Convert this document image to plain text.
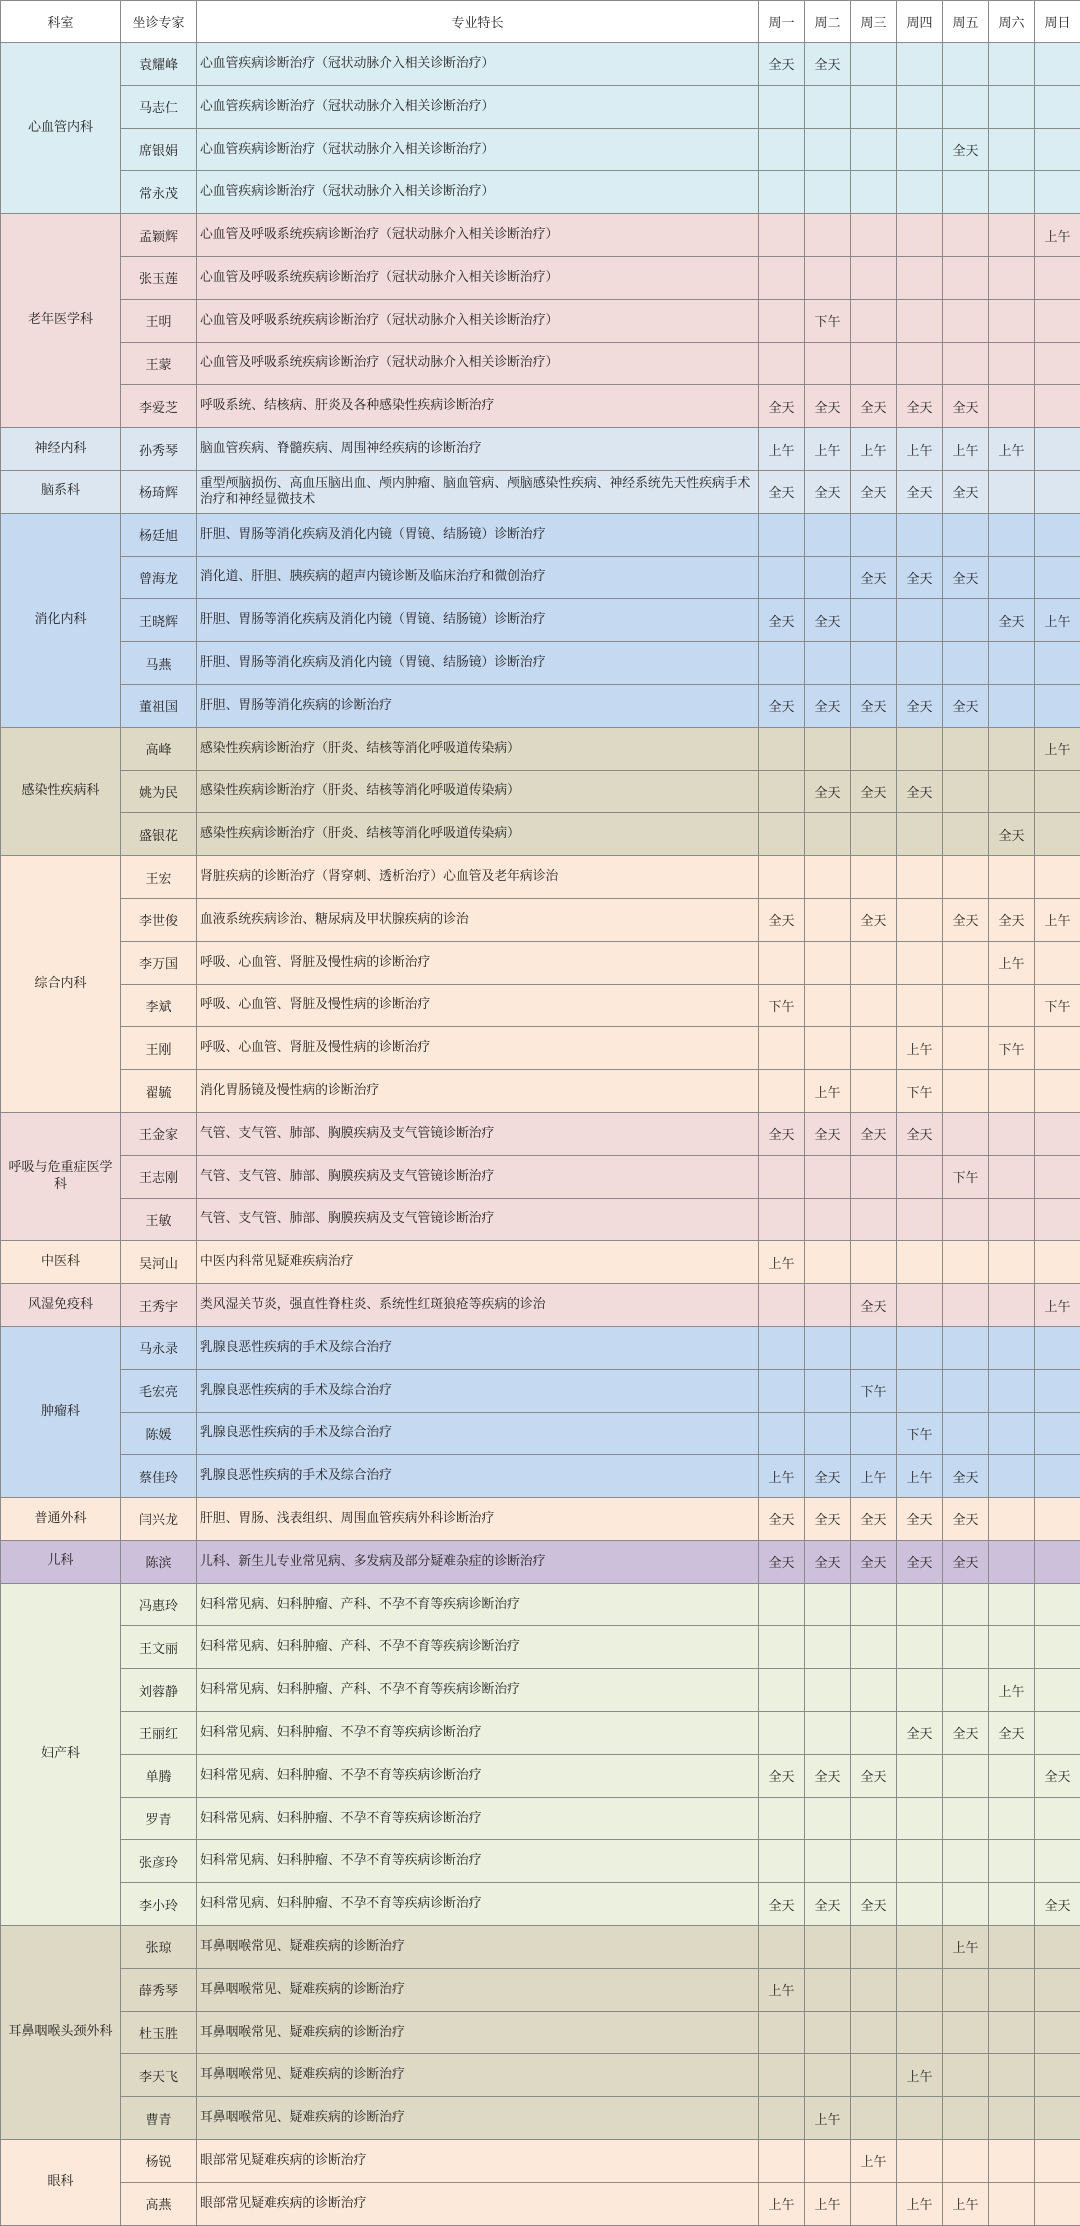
科室	坐诊专家	专业特长	周一	周二	周三	周四	周五	周六	周日
心血管内科	袁耀峰	心血管疾病诊断治疗（冠状动脉介入相关诊断治疗）	全天	全天					
	马志仁	心血管疾病诊断治疗（冠状动脉介入相关诊断治疗）							
	席银娟	心血管疾病诊断治疗（冠状动脉介入相关诊断治疗）					全天		
	常永茂	心血管疾病诊断治疗（冠状动脉介入相关诊断治疗）							
老年医学科	孟颖辉	心血管及呼吸系统疾病诊断治疗（冠状动脉介入相关诊断治疗）							上午
	张玉莲	心血管及呼吸系统疾病诊断治疗（冠状动脉介入相关诊断治疗）							
	王明	心血管及呼吸系统疾病诊断治疗（冠状动脉介入相关诊断治疗）		下午					
	王蒙	心血管及呼吸系统疾病诊断治疗（冠状动脉介入相关诊断治疗）							
	李爱芝	呼吸系统、结核病、肝炎及各种感染性疾病诊断治疗	全天	全天	全天	全天	全天		
神经内科	孙秀琴	脑血管疾病、脊髓疾病、周围神经疾病的诊断治疗	上午	上午	上午	上午	上午	上午	
脑系科	杨琦辉	重型颅脑损伤、高血压脑出血、颅内肿瘤、脑血管病、颅脑感染性疾病、神经系统先天性疾病手术治疗和神经显微技术	全天	全天	全天	全天	全天		
消化内科	杨廷旭	肝胆、胃肠等消化疾病及消化内镜（胃镜、结肠镜）诊断治疗							
	曾海龙	消化道、肝胆、胰疾病的超声内镜诊断及临床治疗和微创治疗			全天	全天	全天		
	王晓辉	肝胆、胃肠等消化疾病及消化内镜（胃镜、结肠镜）诊断治疗	全天	全天				全天	上午
	马燕	肝胆、胃肠等消化疾病及消化内镜（胃镜、结肠镜）诊断治疗							
	董祖国	肝胆、胃肠等消化疾病的诊断治疗	全天	全天	全天	全天	全天		
感染性疾病科	高峰	感染性疾病诊断治疗（肝炎、结核等消化呼吸道传染病）							上午
	姚为民	感染性疾病诊断治疗（肝炎、结核等消化呼吸道传染病）		全天	全天	全天			
	盛银花	感染性疾病诊断治疗（肝炎、结核等消化呼吸道传染病）						全天	
综合内科	王宏	肾脏疾病的诊断治疗（肾穿刺、透析治疗）心血管及老年病诊治							
	李世俊	血液系统疾病诊治、糖尿病及甲状腺疾病的诊治	全天		全天		全天	全天	上午
	李万国	呼吸、心血管、肾脏及慢性病的诊断治疗						上午	
	李斌	呼吸、心血管、肾脏及慢性病的诊断治疗	下午						下午
	王刚	呼吸、心血管、肾脏及慢性病的诊断治疗				上午		下午	
	翟毓	消化胃肠镜及慢性病的诊断治疗		上午		下午			
呼吸与危重症医学科	王金家	气管、支气管、肺部、胸膜疾病及支气管镜诊断治疗	全天	全天	全天	全天			
	王志刚	气管、支气管、肺部、胸膜疾病及支气管镜诊断治疗					下午		
	王敏	气管、支气管、肺部、胸膜疾病及支气管镜诊断治疗							
中医科	吴河山	中医内科常见疑难疾病治疗	上午						
风湿免疫科	王秀宇	类风湿关节炎，强直性脊柱炎、系统性红斑狼疮等疾病的诊治			全天				上午
肿瘤科	马永录	乳腺良恶性疾病的手术及综合治疗							
	毛宏亮	乳腺良恶性疾病的手术及综合治疗			下午				
	陈媛	乳腺良恶性疾病的手术及综合治疗				下午			
	蔡佳玲	乳腺良恶性疾病的手术及综合治疗	上午	全天	上午	上午	全天		
普通外科	闫兴龙	肝胆、胃肠、浅表组织、周围血管疾病外科诊断治疗	全天	全天	全天	全天	全天		
儿科	陈滨	儿科、新生儿专业常见病、多发病及部分疑难杂症的诊断治疗	全天	全天	全天	全天	全天		
妇产科	冯惠玲	妇科常见病、妇科肿瘤、产科、不孕不育等疾病诊断治疗							
	王文丽	妇科常见病、妇科肿瘤、产科、不孕不育等疾病诊断治疗							
	刘蓉静	妇科常见病、妇科肿瘤、产科、不孕不育等疾病诊断治疗						上午	
	王丽红	妇科常见病、妇科肿瘤、不孕不育等疾病诊断治疗				全天	全天	全天	
	单腾	妇科常见病、妇科肿瘤、不孕不育等疾病诊断治疗	全天	全天	全天				全天
	罗青	妇科常见病、妇科肿瘤、不孕不育等疾病诊断治疗							
	张彦玲	妇科常见病、妇科肿瘤、不孕不育等疾病诊断治疗							
	李小玲	妇科常见病、妇科肿瘤、不孕不育等疾病诊断治疗	全天	全天	全天				全天
耳鼻咽喉头颈外科	张琼	耳鼻咽喉常见、疑难疾病的诊断治疗					上午		
	薛秀琴	耳鼻咽喉常见、疑难疾病的诊断治疗	上午						
	杜玉胜	耳鼻咽喉常见、疑难疾病的诊断治疗							
	李天飞	耳鼻咽喉常见、疑难疾病的诊断治疗				上午			
	曹青	耳鼻咽喉常见、疑难疾病的诊断治疗		上午					
眼科	杨锐	眼部常见疑难疾病的诊断治疗			上午				
	高燕	眼部常见疑难疾病的诊断治疗	上午	上午		上午	上午		
